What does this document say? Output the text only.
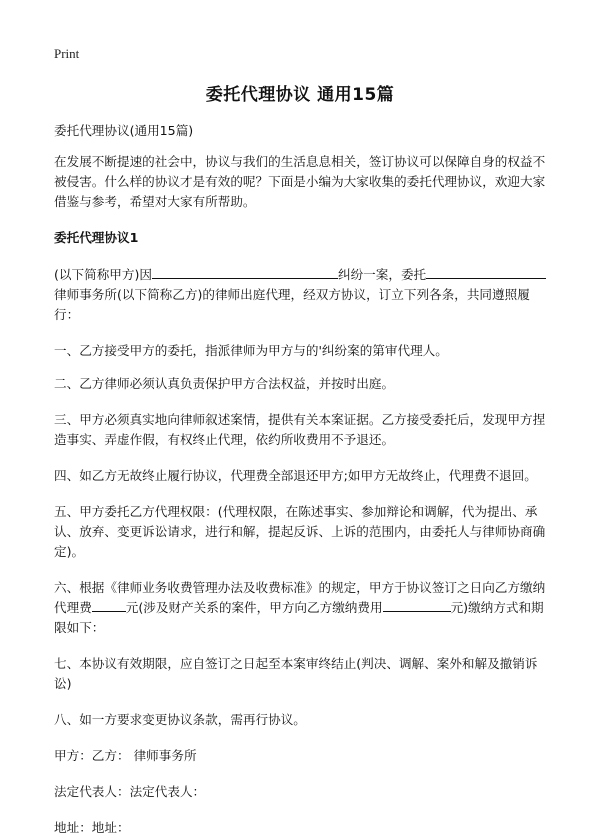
Print
委托代理协议 通用15篇

委托代理协议(通用15篇)

在发展不断提速的社会中，协议与我们的生活息息相关，签订协议可以保障自身的权益不被侵害。什么样的协议才是有效的呢？下面是小编为大家收集的委托代理协议，欢迎大家借鉴与参考，希望对大家有所帮助。

委托代理协议1

(以下简称甲方)因	纠纷一案，委托律师事务所(以下简称乙方)的律师出庭代理，经双方协议，订立下列各条，共同遵照履行：

一、乙方接受甲方的委托，指派律师为甲方与的'纠纷案的第审代理人。

二、乙方律师必须认真负责保护甲方合法权益，并按时出庭。

三、甲方必须真实地向律师叙述案情，提供有关本案证据。乙方接受委托后，发现甲方捏造事实、弄虚作假，有权终止代理，依约所收费用不予退还。

四、如乙方无故终止履行协议，代理费全部退还甲方;如甲方无故终止，代理费不退回。

五、甲方委托乙方代理权限：(代理权限，在陈述事实、参加辩论和调解，代为提出、承认、放弃、变更诉讼请求，进行和解，提起反诉、上诉的范围内，由委托人与律师协商确定)。

六、根据《律师业务收费管理办法及收费标准》的规定，甲方于协议签订之日向乙方缴纳代理费	元(涉及财产关系的案件，甲方向乙方缴纳费用	元)缴纳方式和期限如下：

七、本协议有效期限，应自签订之日起至本案审终结止(判决、调解、案外和解及撤销诉讼)

八、如一方要求变更协议条款，需再行协议。

甲方：乙方： 律师事务所

法定代表人：法定代表人：

地址：地址：
